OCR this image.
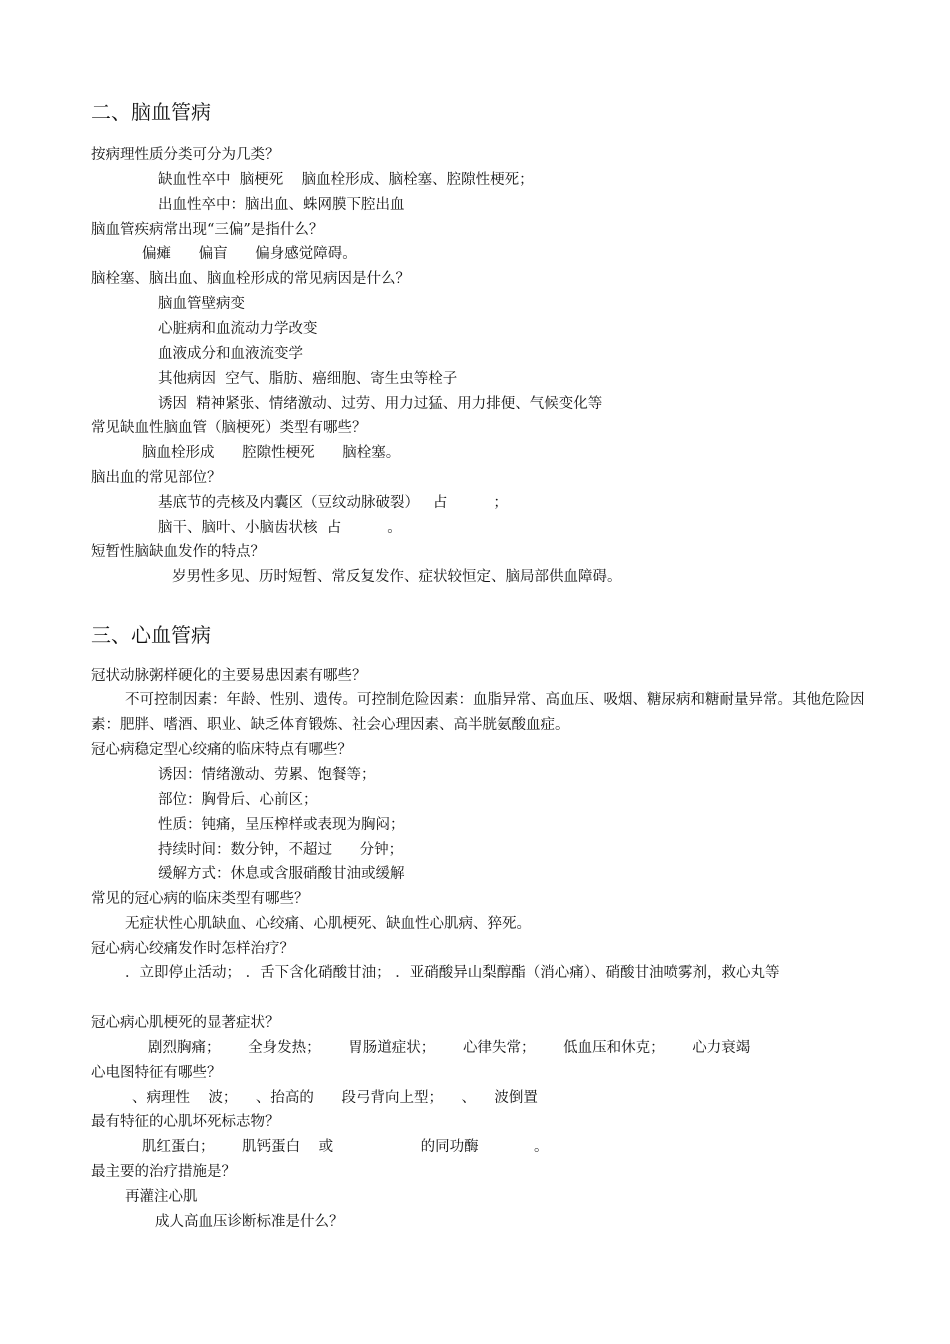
二、脑血管病
按病理性质分类可分为几类？
缺血性卒中  脑梗死    脑血栓形成、脑栓塞、腔隙性梗死；
出血性卒中：脑出血、蛛网膜下腔出血
脑血管疾病常出现“三偏”是指什么？
偏瘫      偏盲      偏身感觉障碍。
脑栓塞、脑出血、脑血栓形成的常见病因是什么？
脑血管壁病变
心脏病和血流动力学改变
血液成分和血液流变学
其他病因  空气、脂肪、癌细胞、寄生虫等栓子
诱因  精神紧张、情绪激动、过劳、用力过猛、用力排便、气候变化等
常见缺血性脑血管（脑梗死）类型有哪些？
脑血栓形成      腔隙性梗死      脑栓塞。
脑出血的常见部位？
基底节的壳核及内囊区（豆纹动脉破裂）   占          ；
脑干、脑叶、小脑齿状核  占          。
短暂性脑缺血发作的特点？
岁男性多见、历时短暂、常反复发作、症状较恒定、脑局部供血障碍。
三、心血管病
冠状动脉粥样硬化的主要易患因素有哪些？
不可控制因素：年龄、性别、遗传。可控制危险因素：血脂异常、高血压、吸烟、糖尿病和糖耐量异常。其他危险因素：肥胖、嗜酒、职业、缺乏体育锻炼、社会心理因素、高半胱氨酸血症。
冠心病稳定型心绞痛的临床特点有哪些？
诱因：情绪激动、劳累、饱餐等；
部位：胸骨后、心前区；
性质：钝痛，呈压榨样或表现为胸闷；
持续时间：数分钟，不超过      分钟；
缓解方式：休息或含服硝酸甘油或缓解
常见的冠心病的临床类型有哪些？
无症状性心肌缺血、心绞痛、心肌梗死、缺血性心肌病、猝死。
冠心病心绞痛发作时怎样治疗？
．立即停止活动； ．舌下含化硝酸甘油； ．亚硝酸异山梨醇酯（消心痛）、硝酸甘油喷雾剂，救心丸等
冠心病心肌梗死的显著症状？
剧烈胸痛；      全身发热；      胃肠道症状；      心律失常；      低血压和休克；      心力衰竭
心电图特征有哪些？
、病理性    波；    、抬高的      段弓背向上型；    、    波倒置
最有特征的心肌坏死标志物？
肌红蛋白；      肌钙蛋白    或                   的同功酶            。
最主要的治疗措施是？
再灌注心肌
成人高血压诊断标准是什么？
